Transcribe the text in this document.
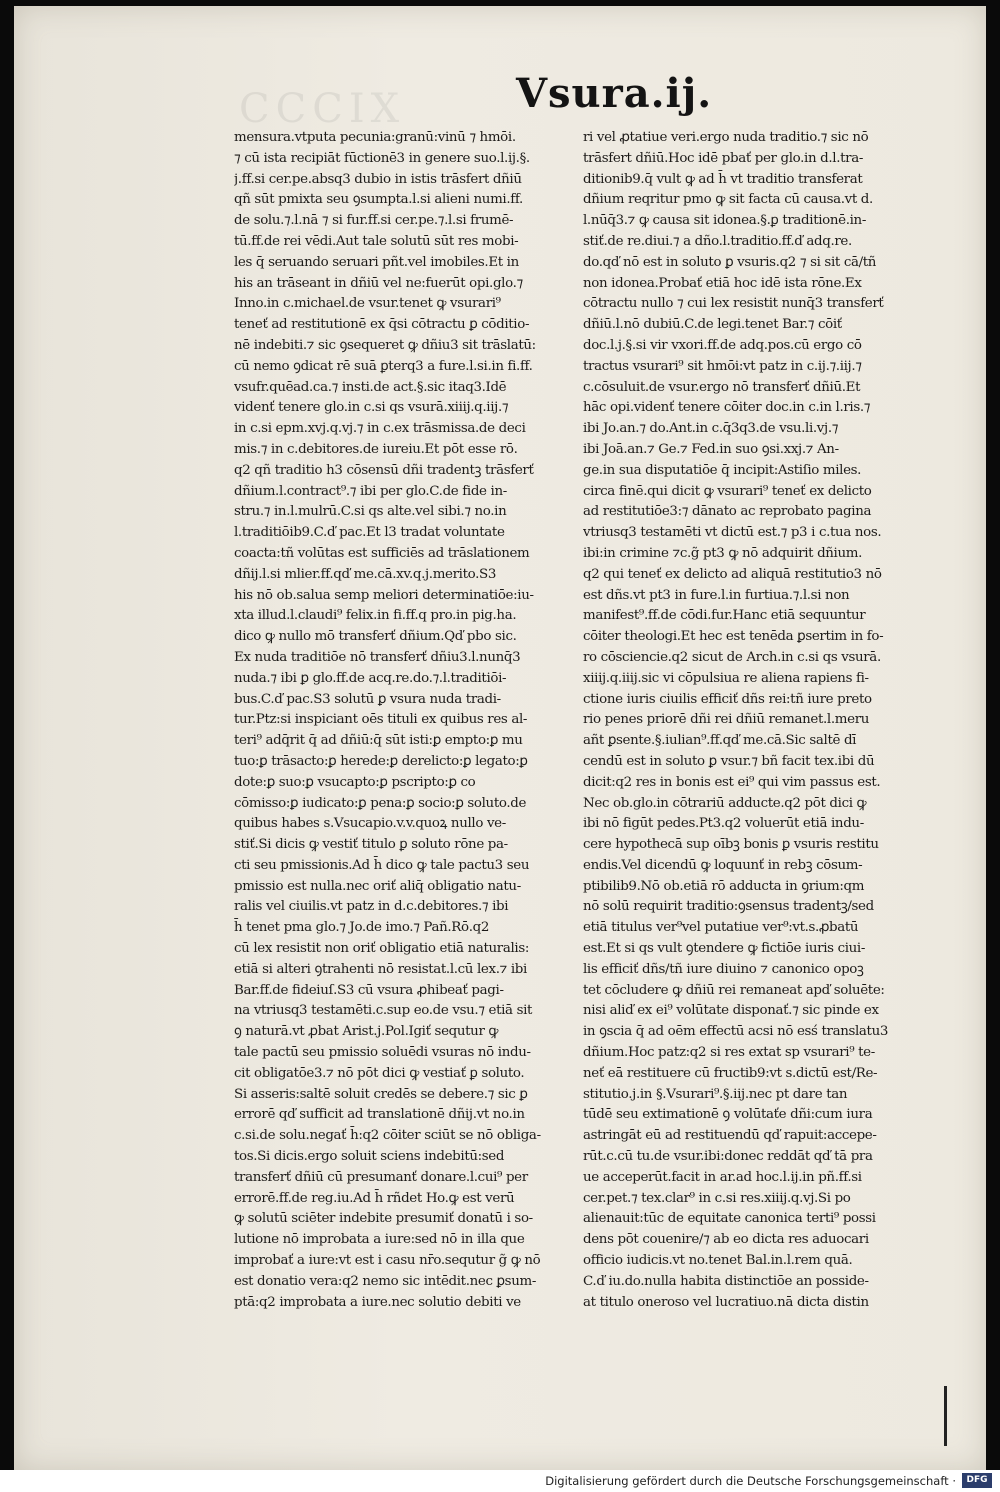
CCCIX	Vsura.ij.
mensura.vtputa pecunia:granū:vinū ⁊ hmōi.
⁊ cū ista recipiāt fūctionē3 in genere suo.l.ij.§.
j.ff.si cer.pe.absq3 dubio in istis trāsfert dñiū
qñ sūt pmixta seu ꝯsumpta.l.si alieni numi.ff.
de solu.⁊.l.nā ⁊ si fur.ff.si cer.pe.⁊.l.si frumē-
tū.ff.de rei vēdi.Aut tale solutū sūt res mobi-
les q̄ seruando seruari pñt.vel imobiles.Et in
his an trāseant in dñiū vel ne:fuerūt opi.glo.⁊
Inno.in c.michael.de vsur.tenet ꝙ vsurari⁹
teneť ad restitutionē ex q̄si cōtractu ꝑ cōditio-
nē indebiti.⁊ sic ꝯsequeret ꝙ dñiu3 sit trāslatū:
cū nemo ꝯdicat rē suā ꝑterq3 a fure.l.si.in fi.ff.
vsufr.quēad.ca.⁊ insti.de act.§.sic itaq3.Idē
videnť tenere glo.in c.si qs vsurā.xiiij.q.iij.⁊
in c.si epm.xvj.q.vj.⁊ in c.ex trāsmissa.de deci
mis.⁊ in c.debitores.de iureiu.Et pōt esse rō.
q2 qñ traditio h3 cōsensū dñi tradentꝫ trāsferť
dñium.l.contract⁹.⁊ ibi per glo.C.de fide in-
stru.⁊ in.l.mulrū.C.si qs alte.vel sibi.⁊ no.in
l.traditiōib9.C.ď pac.Et l3 tradat voluntate
coacta:tñ volūtas est sufficiēs ad trāslationem
dñij.l.si mlier.ff.qď me.cā.xv.q.j.merito.S3
his nō ob.salua semp meliori determinatiōe:iu-
xta illud.l.claudi⁹ felix.in fi.ff.q pro.in pig.ha.
dico ꝙ nullo mō transferť dñium.Qď pbo sic.
Ex nuda traditiōe nō transferť dñiu3.l.nunq̄3
nuda.⁊ ibi ꝑ glo.ff.de acq.re.do.⁊.l.traditiōi-
bus.C.ď pac.S3 solutū ꝑ vsura nuda tradi-
tur.Ptz:si inspiciant oēs tituli ex quibus res al-
teri⁹ adq̄rit q̄ ad dñiū:q̄ sūt isti:ꝑ empto:ꝑ mu
tuo:ꝑ trāsacto:ꝑ herede:ꝑ derelicto:ꝑ legato:ꝑ
dote:ꝑ suo:ꝑ vsucapto:ꝑ pscripto:ꝑ co
cōmisso:ꝑ iudicato:ꝑ pena:ꝑ socio:ꝑ soluto.de
quibus habes s.Vsucapio.v.v.quoꝝ nullo ve-
stiť.Si dicis ꝙ vestiť titulo ꝑ soluto rōne pa-
cti seu pmissionis.Ad h̄ dico ꝙ tale pactu3 seu
pmissio est nulla.nec oriť aliq̄ obligatio natu-
ralis vel ciuilis.vt patz in d.c.debitores.⁊ ibi
h̄ tenet pma glo.⁊ Jo.de imo.⁊ Pañ.Rō.q2
cū lex resistit non oriť obligatio etiā naturalis:
etiā si alteri ꝯtrahenti nō resistat.l.cū lex.⁊ ibi
Bar.ff.de fideiuſ.S3 cū vsura ꝓhibeať pagi-
na vtriusq3 testamēti.c.sup eo.de vsu.⁊ etiā sit
ꝯ naturā.vt ꝓbat Arist.j.Pol.Igiť sequtur ꝙ
tale pactū seu pmissio soluēdi vsuras nō indu-
cit obligatōe3.⁊ nō pōt dici ꝙ vestiať ꝑ soluto.
Si asseris:saltē soluit credēs se debere.⁊ sic ꝑ
errorē qď sufficit ad translationē dñij.vt no.in
c.si.de solu.negať h̄:q2 cōiter sciūt se nō obliga-
tos.Si dicis.ergo soluit sciens indebitū:sed
transferť dñiū cū presumanť donare.l.cui⁹ per
errorē.ff.de reg.iu.Ad h̄ rñdet Ho.ꝙ est verū
ꝙ solutū sciēter indebite presumiť donatū i so-
lutione nō improbata a iure:sed nō in illa que
improbať a iure:vt est i casu nr̄o.sequtur g̃ ꝙ nō
est donatio vera:q2 nemo sic intēdit.nec ꝑsum-
ptā:q2 improbata a iure.nec solutio debiti ve
ri vel ꝓtatiue veri.ergo nuda traditio.⁊ sic nō
trāsfert dñiū.Hoc idē pbať per glo.in d.l.tra-
ditionib9.q̄ vult ꝙ ad h̄ vt traditio transferat
dñium reqritur pmo ꝙ sit facta cū causa.vt d.
l.nūq̄3.⁊ ꝙ causa sit idonea.§.ꝑ traditionē.in-
stiť.de re.diui.⁊ a dño.l.traditio.ff.ď adq.re.
do.qď nō est in soluto ꝑ vsuris.q2 ⁊ si sit cā/tñ
non idonea.Probať etiā hoc idē ista rōne.Ex
cōtractu nullo ⁊ cui lex resistit nunq̄3 transferť
dñiū.l.nō dubiū.C.de legi.tenet Bar.⁊ cōiť
doc.l.j.§.si vir vxori.ff.de adq.pos.cū ergo cō
tractus vsurari⁹ sit hmōi:vt patz in c.ij.⁊.iij.⁊
c.cōsuluit.de vsur.ergo nō transferť dñiū.Et
hāc opi.videnť tenere cōiter doc.in c.in l.ris.⁊
ibi Jo.an.⁊ do.Ant.in c.q̄3q3.de vsu.li.vj.⁊
ibi Joā.an.⁊ Ge.⁊ Fed.in suo ꝯsi.xxj.⁊ An-
ge.in sua disputatiōe q̄ incipit:Astiſio miles.
circa finē.qui dicit ꝙ vsurari⁹ teneť ex delicto
ad restitutiōe3:⁊ dānato ac reprobato pagina
vtriusq3 testamēti vt dictū est.⁊ p3 i c.tua nos.
ibi:in crimine ⁊c.g̃ pt3 ꝙ nō adquirit dñium.
q2 qui teneť ex delicto ad aliquā restitutio3 nō
est dñs.vt pt3 in fure.l.in furtiua.⁊.l.si non
manifest⁹.ff.de cōdi.fur.Hanc etiā sequuntur
cōiter theologi.Et hec est tenēda ꝑsertim in fo-
ro cōsciencie.q2 sicut de Arch.in c.si qs vsurā.
xiiij.q.iiij.sic vi cōpulsiua re aliena rapiens fi-
ctione iuris ciuilis efficiť dñs rei:tñ iure preto
rio penes priorē dñi rei dñiū remanet.l.meru
añt ꝑsente.§.iulian⁹.ff.qď me.cā.Sic saltē dī
cendū est in soluto ꝑ vsur.⁊ bñ facit tex.ibi dū
dicit:q2 res in bonis est ei⁹ qui vim passus est.
Nec ob.glo.in cōtrariū adducte.q2 pōt dici ꝙ
ibi nō figūt pedes.Pt3.q2 voluerūt etiā indu-
cere hypothecā sup oībꝫ bonis ꝑ vsuris restitu
endis.Vel dicendū ꝙ loquunť in rebꝫ cōsum-
ptibilib9.Nō ob.etiā rō adducta in ꝯrium:qm
nō solū requirit traditio:ꝯsensus tradentꝫ/sed
etiā titulus ver⁹vel putatiue ver⁹:vt.s.ꝓbatū
est.Et si qs vult ꝯtendere ꝙ fictiōe iuris ciui-
lis efficiť dñs/tñ iure diuino ⁊ canonico opoꝫ
tet cōcludere ꝙ dñiū rei remaneat apď soluēte:
nisi aliď ex ei⁹ volūtate disponať.⁊ sic pinde ex
in ꝯscia q̄ ad oēm effectū acsi nō esś translatu3
dñium.Hoc patz:q2 si res extat sp vsurari⁹ te-
neť eā restituere cū fructib9:vt s.dictū est/Re-
stitutio.j.in §.Vsurari⁹.§.iij.nec pt dare tan
tūdē seu extimationē ꝯ volūtaťe dñi:cum iura
astringāt eū ad restituendū qď rapuit:accepe-
rūt.c.cū tu.de vsur.ibi:donec reddāt qď tā pra
ue acceperūt.facit in ar.ad hoc.l.ij.in pñ.ff.si
cer.pet.⁊ tex.clar⁹ in c.si res.xiiij.q.vj.Si po
alienauit:tūc de equitate canonica terti⁹ possi
dens pōt couenire/⁊ ab eo dicta res aduocari
officio iudicis.vt no.tenet Bal.in.l.rem quā.
C.ď iu.do.nulla habita distinctiōe an posside-
at titulo oneroso vel lucratiuo.nā dicta distin
Digitalisierung gefördert durch die Deutsche Forschungsgemeinschaft ·	DFG
